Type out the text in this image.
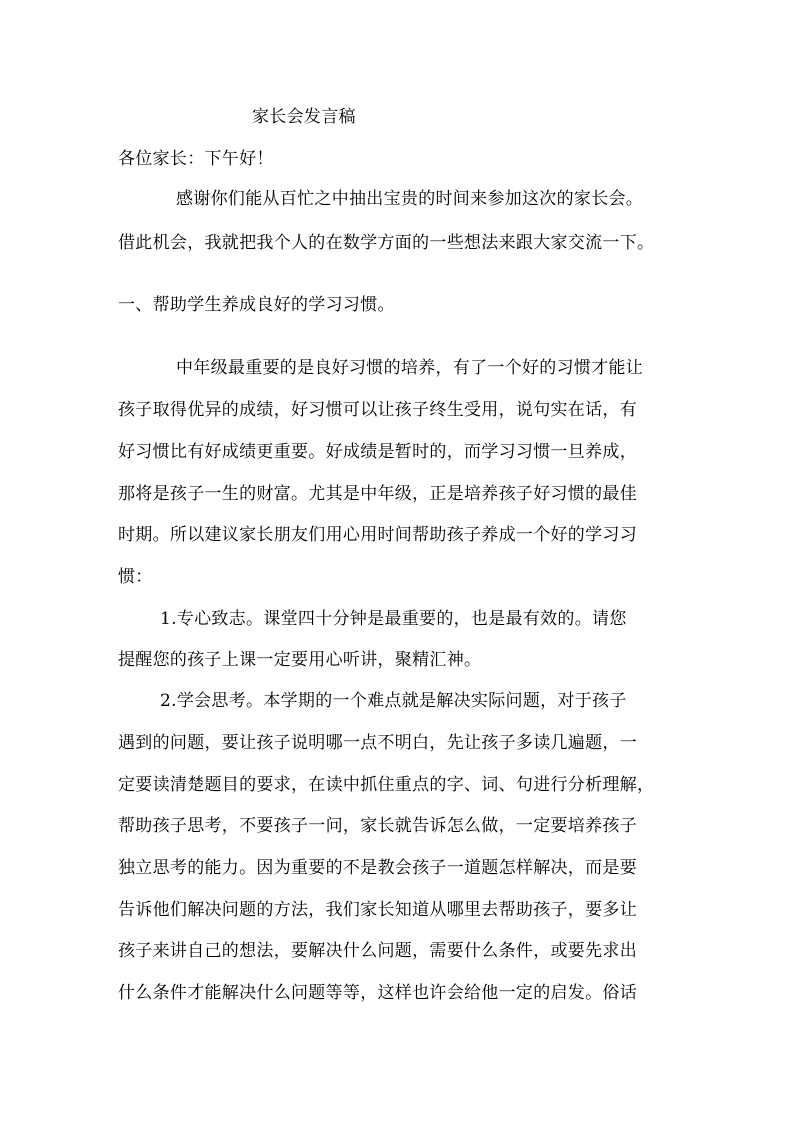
家长会发言稿
各位家长：下午好！
感谢你们能从百忙之中抽出宝贵的时间来参加这次的家长会。
借此机会，我就把我个人的在数学方面的一些想法来跟大家交流一下。
一、帮助学生养成良好的学习习惯。
中年级最重要的是良好习惯的培养，有了一个好的习惯才能让
孩子取得优异的成绩，好习惯可以让孩子终生受用，说句实在话，有
好习惯比有好成绩更重要。好成绩是暂时的，而学习习惯一旦养成，
那将是孩子一生的财富。尤其是中年级，正是培养孩子好习惯的最佳
时期。所以建议家长朋友们用心用时间帮助孩子养成一个好的学习习
惯：
1.专心致志。课堂四十分钟是最重要的，也是最有效的。请您
提醒您的孩子上课一定要用心听讲，聚精汇神。
2.学会思考。本学期的一个难点就是解决实际问题，对于孩子
遇到的问题，要让孩子说明哪一点不明白，先让孩子多读几遍题，一
定要读清楚题目的要求，在读中抓住重点的字、词、句进行分析理解，
帮助孩子思考，不要孩子一问，家长就告诉怎么做，一定要培养孩子
独立思考的能力。因为重要的不是教会孩子一道题怎样解决，而是要
告诉他们解决问题的方法，我们家长知道从哪里去帮助孩子，要多让
孩子来讲自己的想法，要解决什么问题，需要什么条件，或要先求出
什么条件才能解决什么问题等等，这样也许会给他一定的启发。俗话
